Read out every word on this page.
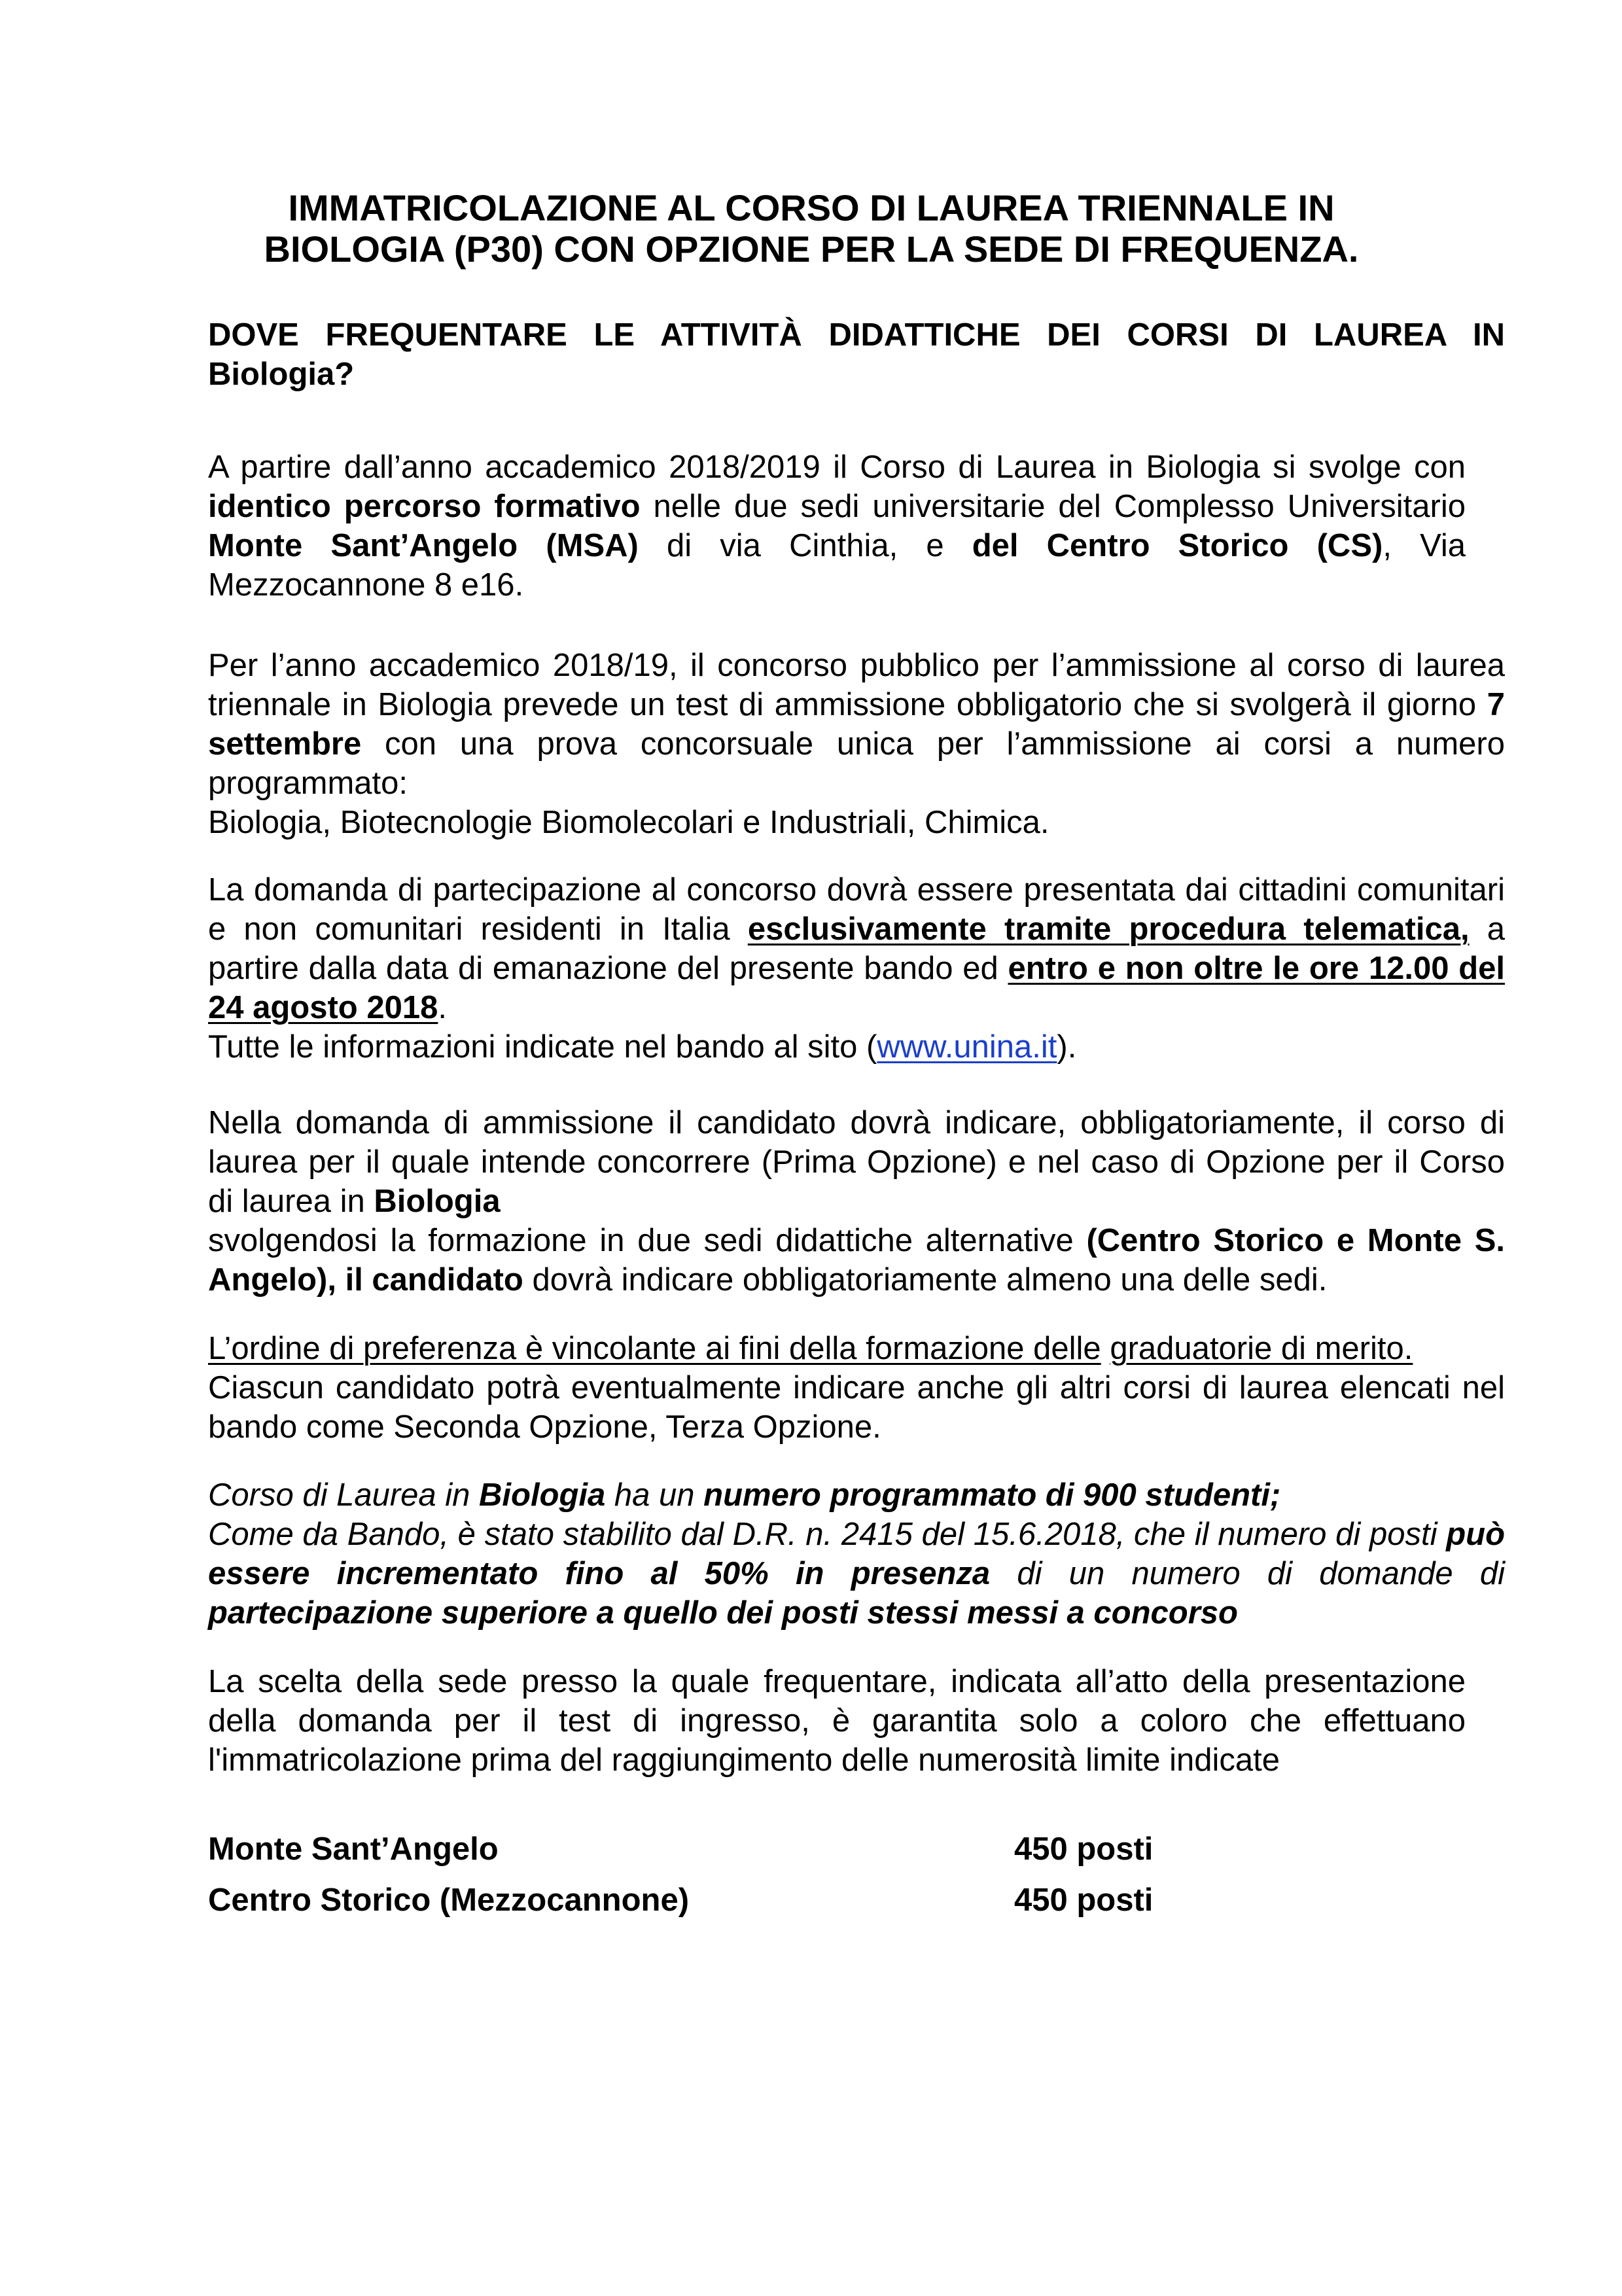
IMMATRICOLAZIONE AL CORSO DI LAUREA TRIENNALE IN
BIOLOGIA (P30) CON OPZIONE PER LA SEDE DI FREQUENZA.
DOVE FREQUENTARE LE ATTIVITÀ DIDATTICHE DEI CORSI DI LAUREA IN
Biologia?
A partire dall’anno accademico 2018/2019 il Corso di Laurea in Biologia si svolge con identico percorso formativo nelle due sedi universitarie del Complesso Universitario Monte Sant’Angelo (MSA) di via Cinthia, e del Centro Storico (CS), Via Mezzocannone 8 e16.
Per l’anno accademico 2018/19, il concorso pubblico per l’ammissione al corso di laurea triennale in Biologia prevede un test di ammissione obbligatorio che si svolgerà il giorno 7 settembre con una prova concorsuale unica per l’ammissione ai corsi a numero programmato:
Biologia, Biotecnologie Biomolecolari e Industriali, Chimica.
La domanda di partecipazione al concorso dovrà essere presentata dai cittadini comunitari e non comunitari residenti in Italia esclusivamente tramite procedura telematica, a partire dalla data di emanazione del presente bando ed entro e non oltre le ore 12.00 del 24 agosto 2018.
Tutte le informazioni indicate nel bando al sito (www.unina.it).
Nella domanda di ammissione il candidato dovrà indicare, obbligatoriamente, il corso di laurea per il quale intende concorrere (Prima Opzione) e nel caso di Opzione per il Corso di laurea in Biologia
svolgendosi la formazione in due sedi didattiche alternative (Centro Storico e Monte S. Angelo), il candidato dovrà indicare obbligatoriamente almeno una delle sedi.
L’ordine di preferenza è vincolante ai fini della formazione delle graduatorie di merito.
Ciascun candidato potrà eventualmente indicare anche gli altri corsi di laurea elencati nel bando come Seconda Opzione, Terza Opzione.
Corso di Laurea in Biologia ha un numero programmato di 900 studenti;
Come da Bando, è stato stabilito dal D.R. n. 2415 del 15.6.2018, che il numero di posti può essere incrementato fino al 50% in presenza di un numero di domande di partecipazione superiore a quello dei posti stessi messi a concorso
La scelta della sede presso la quale frequentare, indicata all’atto della presentazione della domanda per il test di ingresso, è garantita solo a coloro che effettuano l'immatricolazione prima del raggiungimento delle numerosità limite indicate
Monte Sant’Angelo	450 posti
Centro Storico (Mezzocannone)	450 posti
